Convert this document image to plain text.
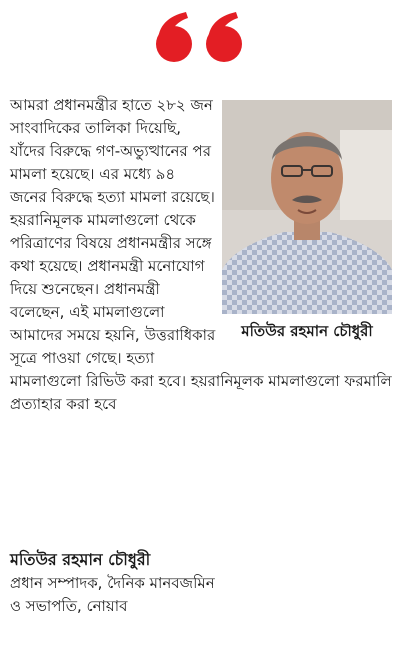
মতিউর রহমান চৌধুরী
আমরা প্রধানমন্ত্রীর হাতে ২৮২ জন সাংবাদিকের তালিকা দিয়েছি, যাঁদের বিরুদ্ধে গণ-অভ্যুত্থানের পর মামলা হয়েছে। এর মধ্যে ৯৪ জনের বিরুদ্ধে হত্যা মামলা রয়েছে। হয়রানিমূলক মামলাগুলো থেকে পরিত্রাণের বিষয়ে প্রধানমন্ত্রীর সঙ্গে কথা হয়েছে। প্রধানমন্ত্রী মনোযোগ দিয়ে শুনেছেন। প্রধানমন্ত্রী বলেছেন, এই মামলাগুলো আমাদের সময়ে হয়নি, উত্তরাধিকার সূত্রে পাওয়া গেছে। হত্যা মামলাগুলো রিভিউ করা হবে। হয়রানিমূলক মামলাগুলো ফরমালি প্রত্যাহার করা হবে
মতিউর রহমান চৌধুরী
প্রধান সম্পাদক, দৈনিক মানবজমিন
ও সভাপতি, নোয়াব
